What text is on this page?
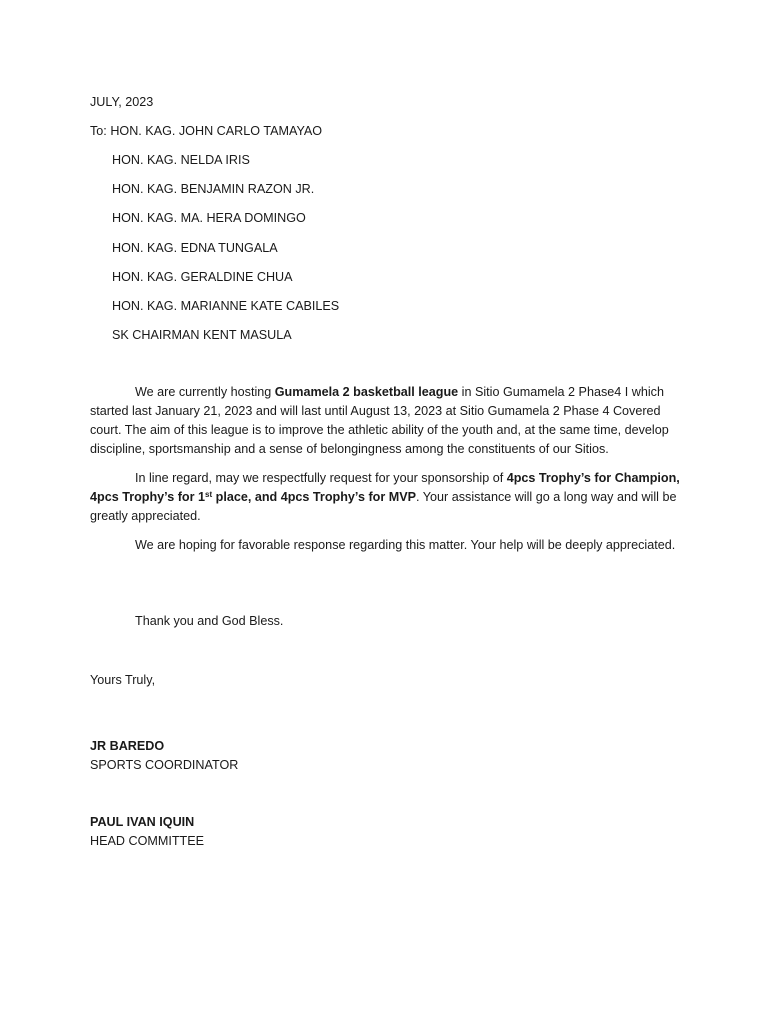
JULY, 2023
To: HON. KAG. JOHN CARLO TAMAYAO
HON. KAG. NELDA IRIS
HON. KAG. BENJAMIN RAZON JR.
HON. KAG. MA. HERA DOMINGO
HON. KAG. EDNA TUNGALA
HON. KAG. GERALDINE CHUA
HON. KAG. MARIANNE KATE CABILES
SK CHAIRMAN KENT MASULA
We are currently hosting Gumamela 2 basketball league in Sitio Gumamela 2 Phase4 I which started last January 21, 2023 and will last until August 13, 2023 at Sitio Gumamela 2 Phase 4 Covered court. The aim of this league is to improve the athletic ability of the youth and, at the same time, develop discipline, sportsmanship and a sense of belongingness among the constituents of our Sitios.
In line regard, may we respectfully request for your sponsorship of 4pcs Trophy’s for Champion, 4pcs Trophy’s for 1st place, and 4pcs Trophy’s for MVP. Your assistance will go a long way and will be greatly appreciated.
We are hoping for favorable response regarding this matter. Your help will be deeply appreciated.
Thank you and God Bless.
Yours Truly,
JR BAREDO
SPORTS COORDINATOR
PAUL IVAN IQUIN
HEAD COMMITTEE
